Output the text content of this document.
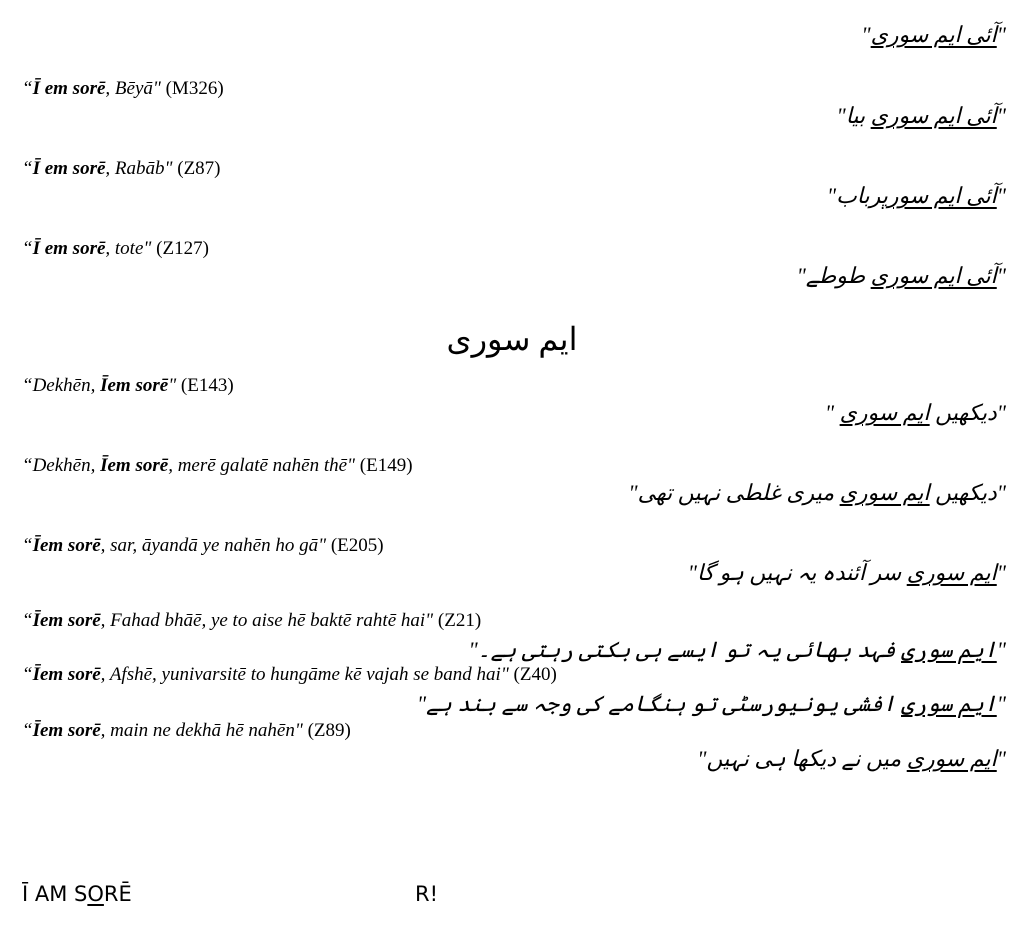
"آئی ایم سوری"
“Ī em sorē, Bēyā" (M326)
"آئی ایم سوری بیا"
“Ī em sorē, Rabāb" (Z87)
"آئی ایم سوریرباب"
“Ī em sorē, tote" (Z127)
"آئی ایم سوری طوطے"
ایم سوری
“Dekhēn, Īem sorē" (E143)
"دیکھیں ایم سوری "
“Dekhēn, Īem sorē, merē galatē nahēn thē" (E149)
"دیکھیں ایم سوری میری غلطی نہیں تھی"
“Īem sorē, sar, āyandā ye nahēn ho gā" (E205)
"ایم سوری سر آئندہ یہ نہیں ہو گا"
“Īem sorē, Fahad bhāē, ye to aise hē baktē rahtē hai" (Z21)
"ایم سوری فہد بھائی یہ تو ایسے ہی بکتی رہتی ہے۔"
“Īem sorē, Afshē, yunivarsitē to hungāme kē vajah se band hai" (Z40)
"ایم سوری افشی یونیورسٹی تو ہنگامے کی وجہ سے بند ہے"
“Īem sorē, main ne dekhā hē nahēn" (Z89)
"ایم سوری میں نے دیکھا ہی نہیں"
Ī AM SORĒ	R!
